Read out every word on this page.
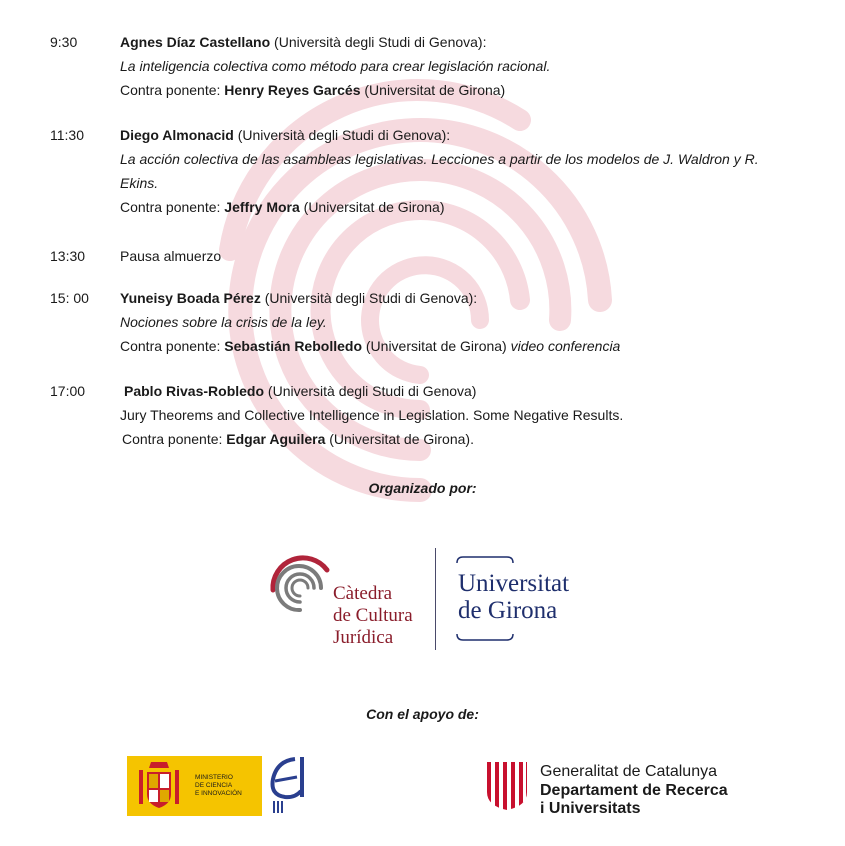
9:30	Agnes Díaz Castellano (Università degli Studi di Genova):
La inteligencia colectiva como método para crear legislación racional.
Contra ponente: Henry Reyes Garcés (Universitat de Girona)
11:30	Diego Almonacid (Università degli Studi di Genova):
La acción colectiva de las asambleas legislativas. Lecciones a partir de los modelos de J. Waldron y R. Ekins.
Contra ponente: Jeffry Mora (Universitat de Girona)
13:30	Pausa almuerzo
15: 00	Yuneisy Boada Pérez (Università degli Studi di Genova):
Nociones sobre la crisis de la ley.
Contra ponente: Sebastián Rebolledo (Universitat de Girona) video conferencia
17:00	Pablo Rivas-Robledo (Università degli Studi di Genova)
Jury Theorems and Collective Intelligence in Legislation. Some Negative Results.
Contra ponente: Edgar Aguilera (Universitat de Girona).
Organizado por:
Càtedra
de Cultura
Jurídica
Universitat
de Girona
Con el apoyo de:
MINISTERIO
DE CIENCIA
E INNOVACIÓN
Generalitat de Catalunya
Departament de Recerca
i Universitats
